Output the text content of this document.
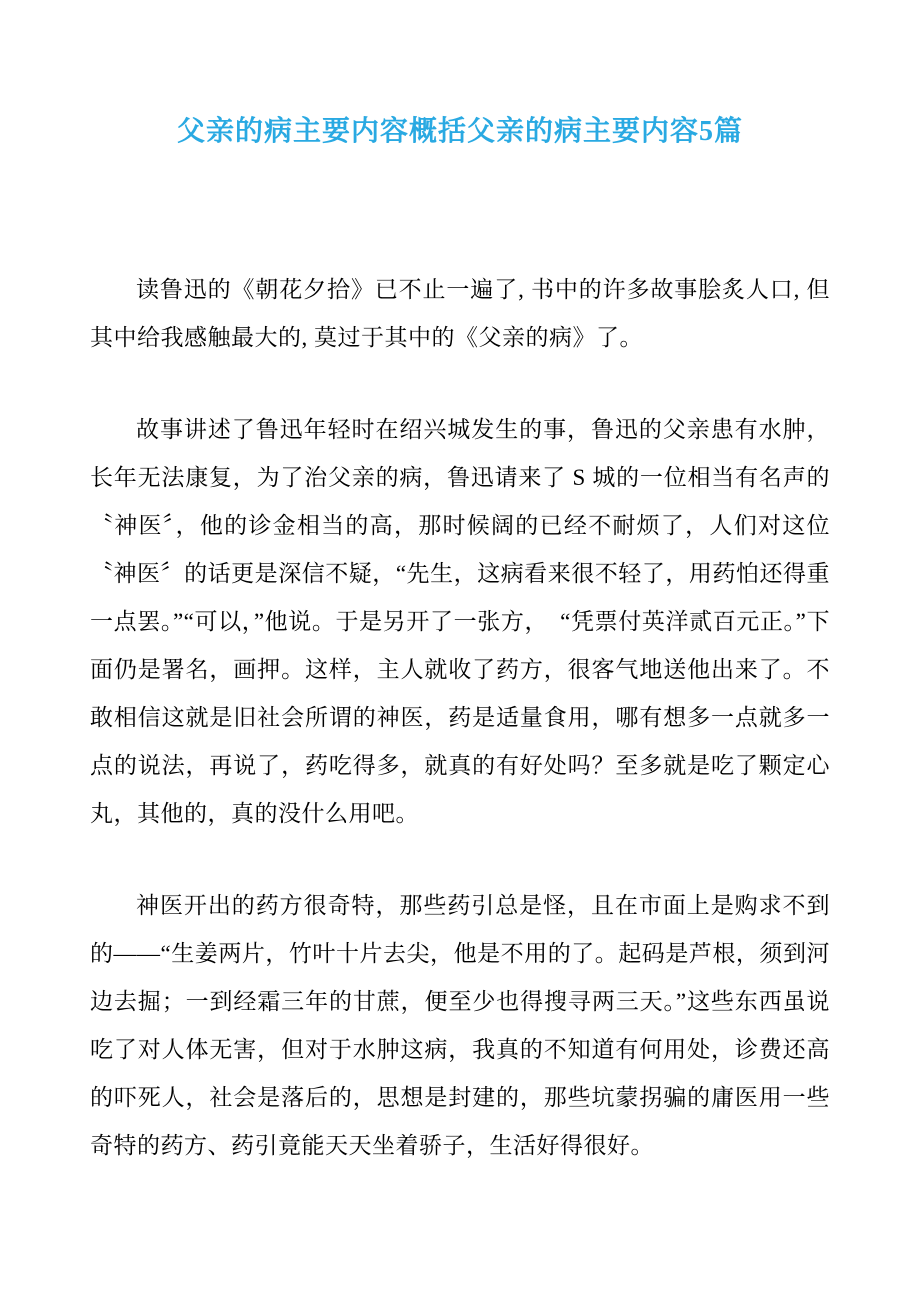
父亲的病主要内容概括父亲的病主要内容5篇

读鲁迅的《朝花夕拾》已不止一遍了, 书中的许多故事脍炙人口, 但其中给我感触最大的, 莫过于其中的《父亲的病》了。

故事讲述了鲁迅年轻时在绍兴城发生的事，鲁迅的父亲患有水肿，长年无法康复，为了治父亲的病，鲁迅请来了 S 城的一位相当有名声的〝神医〞，他的诊金相当的高，那时候阔的已经不耐烦了，人们对这位〝神医〞的话更是深信不疑，“先生，这病看来很不轻了，用药怕还得重一点罢。”“可以，”他说。于是另开了一张方，　“凭票付英洋贰百元正。”下面仍是署名，画押。这样，主人就收了药方，很客气地送他出来了。不敢相信这就是旧社会所谓的神医，药是适量食用，哪有想多一点就多一点的说法，再说了，药吃得多，就真的有好处吗？至多就是吃了颗定心丸，其他的，真的没什么用吧。

神医开出的药方很奇特，那些药引总是怪，且在市面上是购求不到的——“生姜两片，竹叶十片去尖，他是不用的了。起码是芦根，须到河边去掘；一到经霜三年的甘蔗，便至少也得搜寻两三天。”这些东西虽说吃了对人体无害，但对于水肿这病，我真的不知道有何用处，诊费还高的吓死人，社会是落后的，思想是封建的，那些坑蒙拐骗的庸医用一些奇特的药方、药引竟能天天坐着骄子，生活好得很好。
